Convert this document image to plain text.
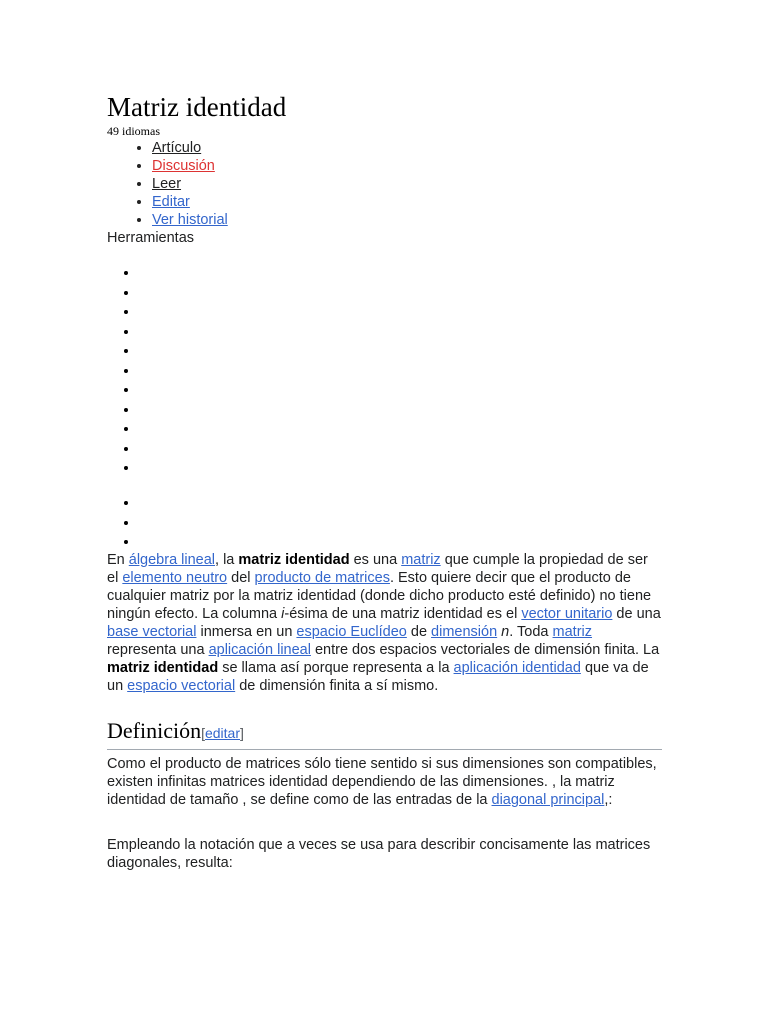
Matriz identidad
49 idiomas
• Artículo
• Discusión
• Leer
• Editar
• Ver historial
Herramientas

En álgebra lineal, la matriz identidad es una matriz que cumple la propiedad de ser el elemento neutro del producto de matrices. Esto quiere decir que el producto de cualquier matriz por la matriz identidad (donde dicho producto esté definido) no tiene ningún efecto. La columna i-ésima de una matriz identidad es el vector unitario de una base vectorial inmersa en un espacio Euclídeo de dimensión n. Toda matriz representa una aplicación lineal entre dos espacios vectoriales de dimensión finita. La matriz identidad se llama así porque representa a la aplicación identidad que va de un espacio vectorial de dimensión finita a sí mismo.

Definición[editar]

Como el producto de matrices sólo tiene sentido si sus dimensiones son compatibles, existen infinitas matrices identidad dependiendo de las dimensiones. , la matriz identidad de tamaño , se define como de las entradas de la diagonal principal,:

Empleando la notación que a veces se usa para describir concisamente las matrices diagonales, resulta:
